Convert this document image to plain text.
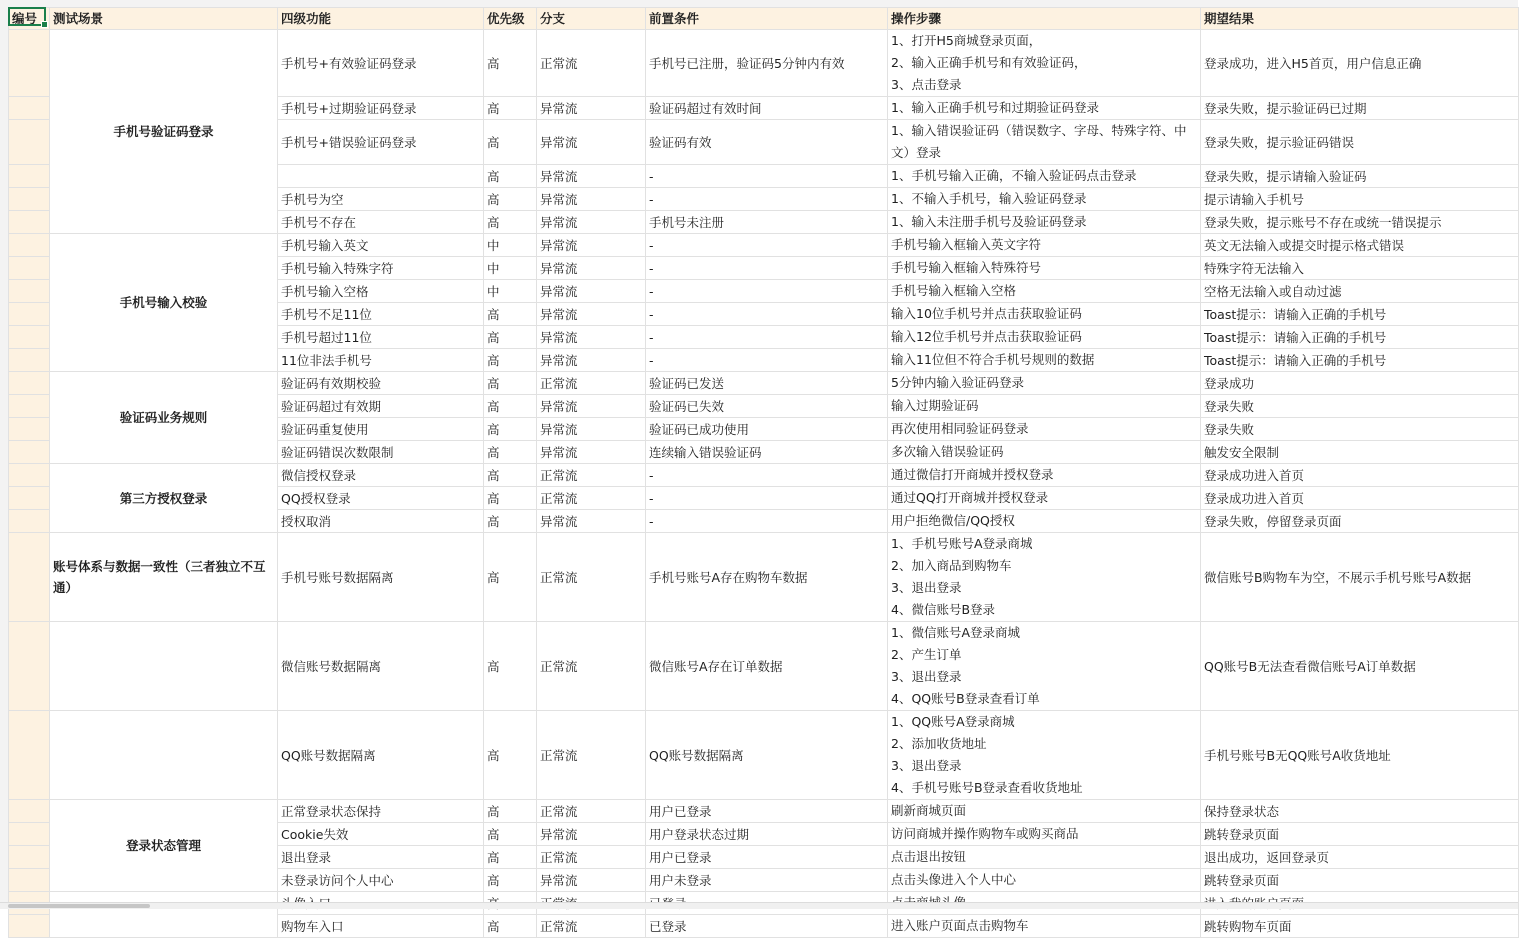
编号	测试场景	四级功能	优先级	分支	前置条件	操作步骤	期望结果
	手机号验证码登录	手机号+有效验证码登录	高	正常流	手机号已注册，验证码5分钟内有效	1、打开H5商城登录页面，
2、输入正确手机号和有效验证码，
3、点击登录	登录成功，进入H5首页，用户信息正确
		手机号+过期验证码登录	高	异常流	验证码超过有效时间	1、输入正确手机号和过期验证码登录	登录失败，提示验证码已过期
		手机号+错误验证码登录	高	异常流	验证码有效	1、输入错误验证码（错误数字、字母、特殊字符、中
文）登录	登录失败，提示验证码错误
			高	异常流	-	1、手机号输入正确，不输入验证码点击登录	登录失败，提示请输入验证码
		手机号为空	高	异常流	-	1、不输入手机号，输入验证码登录	提示请输入手机号
		手机号不存在	高	异常流	手机号未注册	1、输入未注册手机号及验证码登录	登录失败，提示账号不存在或统一错误提示
	手机号输入校验	手机号输入英文	中	异常流	-	手机号输入框输入英文字符	英文无法输入或提交时提示格式错误
		手机号输入特殊字符	中	异常流	-	手机号输入框输入特殊符号	特殊字符无法输入
		手机号输入空格	中	异常流	-	手机号输入框输入空格	空格无法输入或自动过滤
		手机号不足11位	高	异常流	-	输入10位手机号并点击获取验证码	Toast提示：请输入正确的手机号
		手机号超过11位	高	异常流	-	输入12位手机号并点击获取验证码	Toast提示：请输入正确的手机号
		11位非法手机号	高	异常流	-	输入11位但不符合手机号规则的数据	Toast提示：请输入正确的手机号
	验证码业务规则	验证码有效期校验	高	正常流	验证码已发送	5分钟内输入验证码登录	登录成功
		验证码超过有效期	高	异常流	验证码已失效	输入过期验证码	登录失败
		验证码重复使用	高	异常流	验证码已成功使用	再次使用相同验证码登录	登录失败
		验证码错误次数限制	高	异常流	连续输入错误验证码	多次输入错误验证码	触发安全限制
	第三方授权登录	微信授权登录	高	正常流	-	通过微信打开商城并授权登录	登录成功进入首页
		QQ授权登录	高	正常流	-	通过QQ打开商城并授权登录	登录成功进入首页
		授权取消	高	异常流	-	用户拒绝微信/QQ授权	登录失败，停留登录页面
	账号体系与数据一致性（三者独立不互通）	手机号账号数据隔离	高	正常流	手机号账号A存在购物车数据	1、手机号账号A登录商城
2、加入商品到购物车
3、退出登录
4、微信账号B登录	微信账号B购物车为空，不展示手机号账号A数据
		微信账号数据隔离	高	正常流	微信账号A存在订单数据	1、微信账号A登录商城
2、产生订单
3、退出登录
4、QQ账号B登录查看订单	QQ账号B无法查看微信账号A订单数据
		QQ账号数据隔离	高	正常流	QQ账号数据隔离	1、QQ账号A登录商城
2、添加收货地址
3、退出登录
4、手机号账号B登录查看收货地址	手机号账号B无QQ账号A收货地址
	登录状态管理	正常登录状态保持	高	正常流	用户已登录	刷新商城页面	保持登录状态
		Cookie失效	高	异常流	用户登录状态过期	访问商城并操作购物车或购买商品	跳转登录页面
		退出登录	高	正常流	用户已登录	点击退出按钮	退出成功，返回登录页
		未登录访问个人中心	高	异常流	用户未登录	点击头像进入个人中心	跳转登录页面

		购物车入口	高	正常流	已登录	进入账户页面点击购物车	跳转购物车页面
